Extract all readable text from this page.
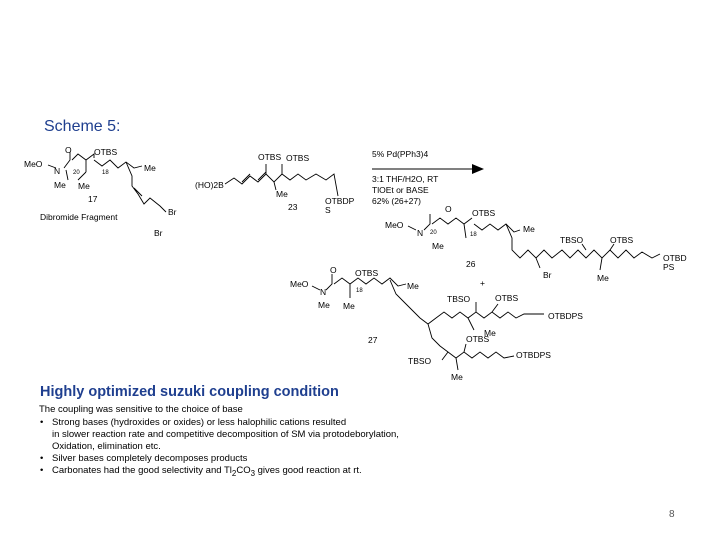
Scheme 5:
MeO
N
O	OTBS
20	18	Me
Me Me
17
Br
Br
Dibromide Fragment
OTBS OTBS
(HO)2B
Me
23
OTBDP
S
5% Pd(PPh3)4
3:1 THF/H2O, RT
TlOEt or BASE
62% (26+27)
MeO
N
O OTBS
20	18
Me
Me
26
Br
TBSO	OTBS
Me
OTBD
PS
+
MeO
N
O OTBS
18	Me
Me Me
TBSO	OTBS
OTBDPS
27
Me
OTBS
TBSO
OTBDPS
Me
Highly optimized suzuki coupling condition
The coupling was sensitive to the choice of base
• Strong bases (hydroxides or oxides) or less halophilic cations resulted
in slower reaction rate and competitive decomposition of SM via protodeborylation,
Oxidation, elimination etc.
• Silver bases completely decomposes products
• Carbonates had the good selectivity and $Tl_2CO_3$ gives good reaction at rt.
8
